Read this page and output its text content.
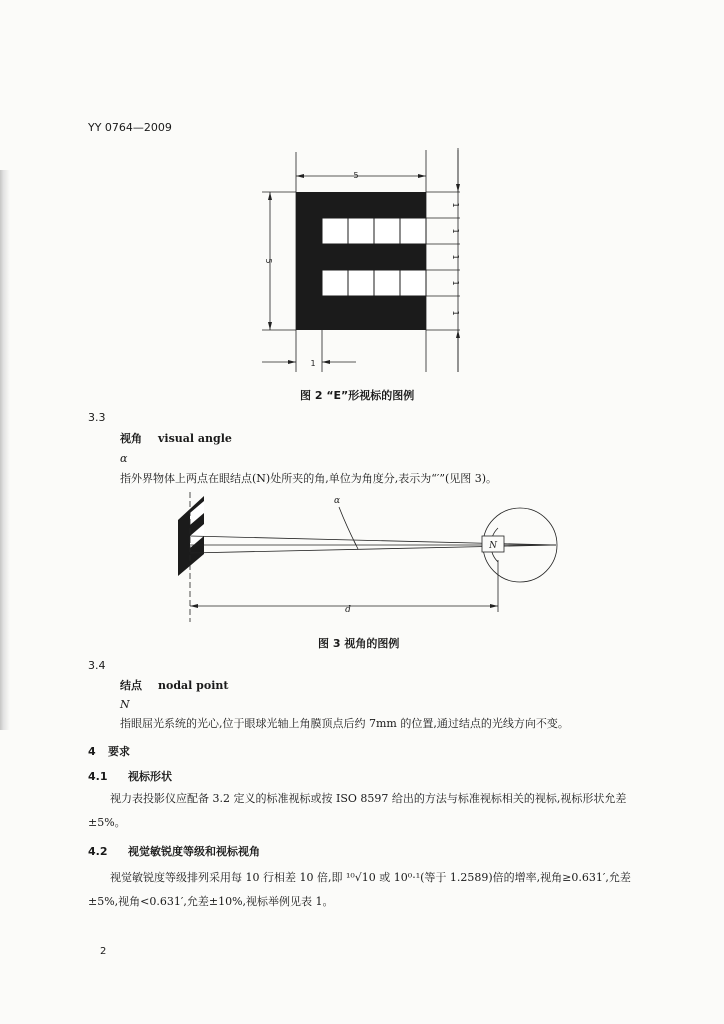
YY 0764—2009
5
5
1
1
1
1
1
1
图 2 “E”形视标的图例
3.3
视角 visual angle
α
指外界物体上两点在眼结点(N)处所夹的角,单位为角度分,表示为“′”(见图 3)。
α
N
d
图 3 视角的图例
3.4
结点 nodal point
N
指眼屈光系统的光心,位于眼球光轴上角膜顶点后约 7mm 的位置,通过结点的光线方向不变。
4 要求
4.1 视标形状

视力表投影仪应配备 3.2 定义的标准视标或按 ISO 8597 给出的方法与标准视标相关的视标,视标形状允差±5%。

4.2 视觉敏锐度等级和视标视角

视觉敏锐度等级排列采用每 10 行相差 10 倍,即 ¹⁰√10 或 10⁰·¹(等于 1.2589)倍的增率,视角≥0.631′,允差±5%,视角<0.631′,允差±10%,视标举例见表 1。

2
